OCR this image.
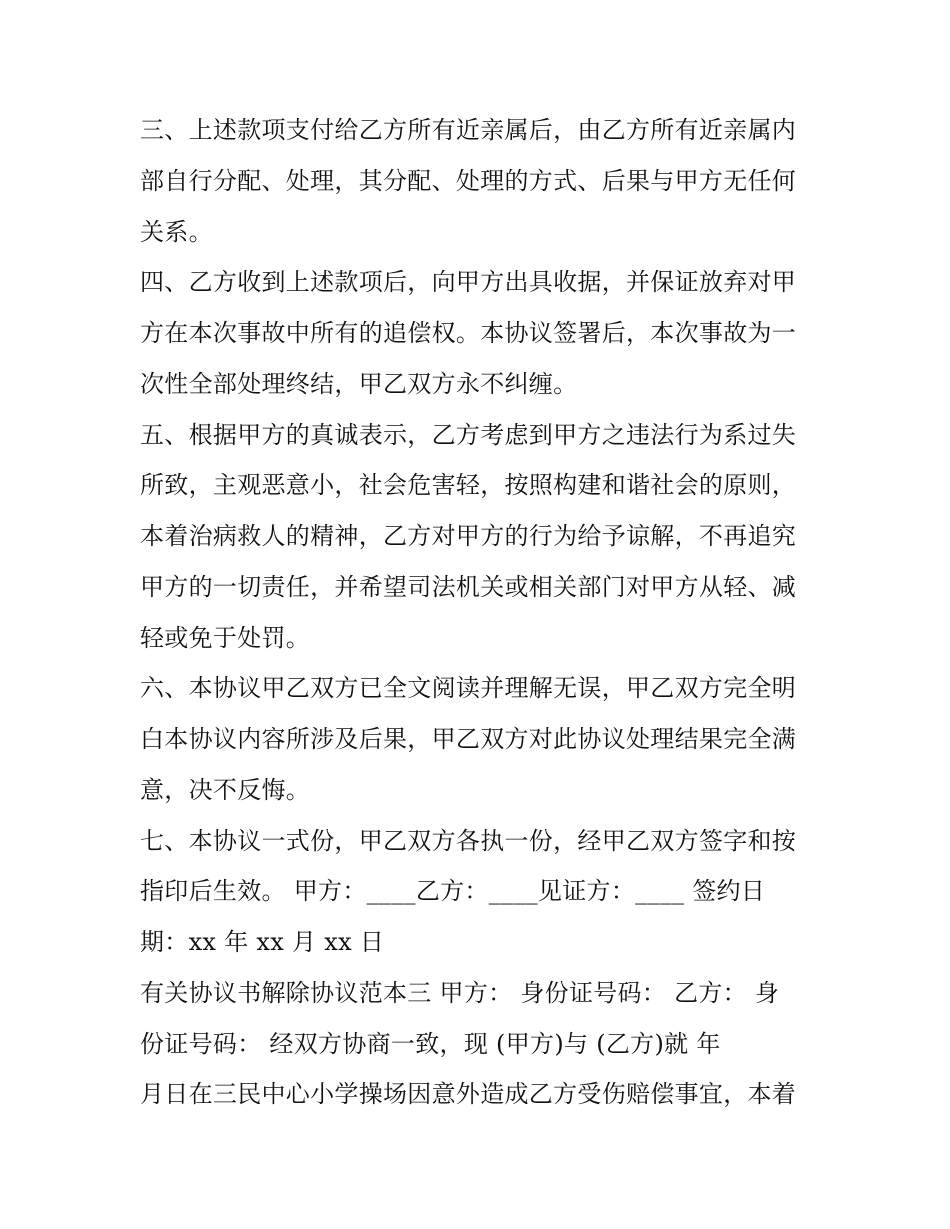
三、上述款项支付给乙方所有近亲属后，由乙方所有近亲属内
部自行分配、处理，其分配、处理的方式、后果与甲方无任何
关系。
四、乙方收到上述款项后，向甲方出具收据，并保证放弃对甲
方在本次事故中所有的追偿权。本协议签署后，本次事故为一
次性全部处理终结，甲乙双方永不纠缠。
五、根据甲方的真诚表示，乙方考虑到甲方之违法行为系过失
所致，主观恶意小，社会危害轻，按照构建和谐社会的原则，
本着治病救人的精神，乙方对甲方的行为给予谅解，不再追究
甲方的一切责任，并希望司法机关或相关部门对甲方从轻、减
轻或免于处罚。
六、本协议甲乙双方已全文阅读并理解无误，甲乙双方完全明
白本协议内容所涉及后果，甲乙双方对此协议处理结果完全满
意，决不反悔。
七、本协议一式份，甲乙双方各执一份，经甲乙双方签字和按
指印后生效。 甲方：____乙方：____见证方：____ 签约日
期：xx 年 xx 月 xx 日
有关协议书解除协议范本三 甲方： 身份证号码： 乙方： 身
份证号码： 经双方协商一致，现 (甲方)与 (乙方)就 年
月日在三民中心小学操场因意外造成乙方受伤赔偿事宜，本着
